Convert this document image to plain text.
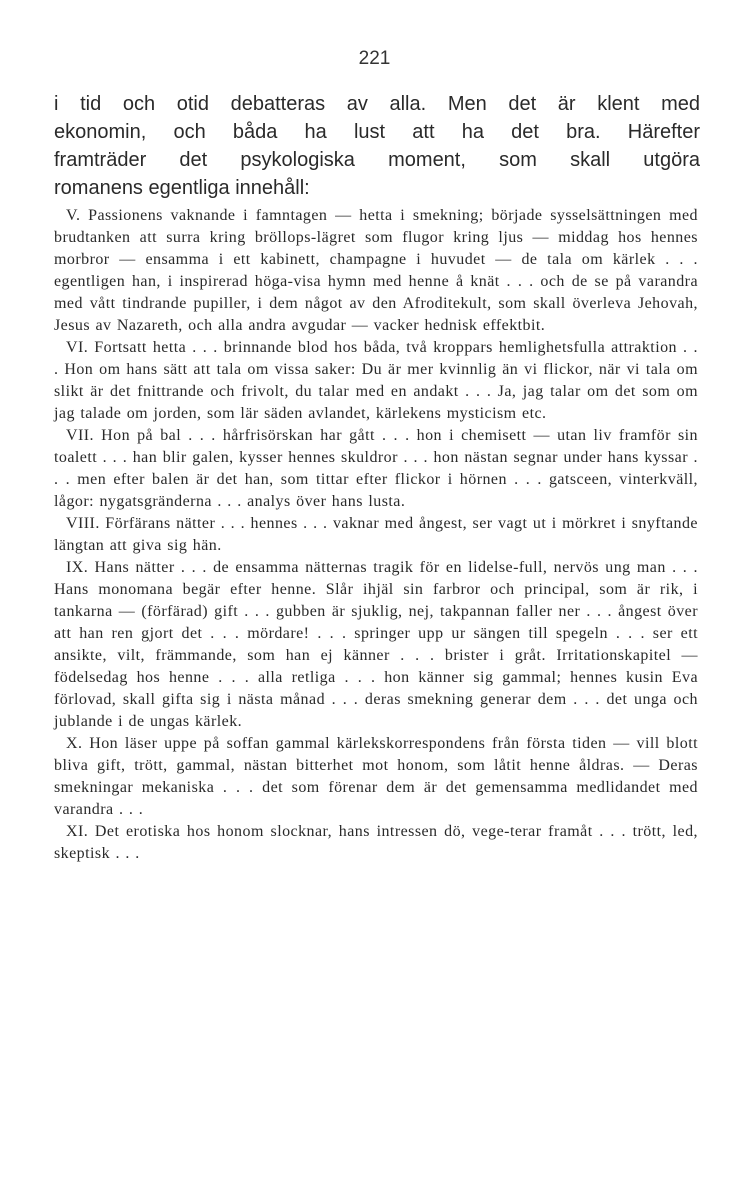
221
i tid och otid debatteras av alla. Men det är klent med
ekonomin, och båda ha lust att ha det bra. Härefter
framträder det psykologiska moment, som skall utgöra
romanens egentliga innehåll:

V. Passionens vaknande i famntagen — hetta i smekning; började sysselsättningen med brudtanken att surra kring bröllops-lägret som flugor kring ljus — middag hos hennes morbror — ensamma i ett kabinett, champagne i huvudet — de tala om kärlek . . . egentligen han, i inspirerad höga-visa hymn med henne å knät . . . och de se på varandra med vått tindrande pupiller, i dem något av den Afroditekult, som skall överleva Jehovah, Jesus av Nazareth, och alla andra avgudar — vacker hednisk effektbit.

VI. Fortsatt hetta . . . brinnande blod hos båda, två kroppars hemlighetsfulla attraktion . . . Hon om hans sätt att tala om vissa saker: Du är mer kvinnlig än vi flickor, när vi tala om slikt är det fnittrande och frivolt, du talar med en andakt . . . Ja, jag talar om det som om jag talade om jorden, som lär säden avlandet, kärlekens mysticism etc.

VII. Hon på bal . . . hårfrisörskan har gått . . . hon i chemisett — utan liv framför sin toalett . . . han blir galen, kysser hennes skuldror . . . hon nästan segnar under hans kyssar . . . men efter balen är det han, som tittar efter flickor i hörnen . . . gatsceen, vinterkväll, lågor: nygatsgränderna . . . analys över hans lusta.

VIII. Förfärans nätter . . . hennes . . . vaknar med ångest, ser vagt ut i mörkret i snyftande längtan att giva sig hän.

IX. Hans nätter . . . de ensamma nätternas tragik för en lidelse-full, nervös ung man . . . Hans monomana begär efter henne. Slår ihjäl sin farbror och principal, som är rik, i tankarna — (förfärad) gift . . . gubben är sjuklig, nej, takpannan faller ner . . . ångest över att han ren gjort det . . . mördare! . . . springer upp ur sängen till spegeln . . . ser ett ansikte, vilt, främmande, som han ej känner . . . brister i gråt. Irritationskapitel — födelsedag hos henne . . . alla retliga . . . hon känner sig gammal; hennes kusin Eva förlovad, skall gifta sig i nästa månad . . . deras smekning generar dem . . . det unga och jublande i de ungas kärlek.

X. Hon läser uppe på soffan gammal kärlekskorrespondens från första tiden — vill blott bliva gift, trött, gammal, nästan bitterhet mot honom, som låtit henne åldras. — Deras smekningar mekaniska . . . det som förenar dem är det gemensamma medlidandet med varandra . . .

XI. Det erotiska hos honom slocknar, hans intressen dö, vege-terar framåt . . . trött, led, skeptisk . . .
